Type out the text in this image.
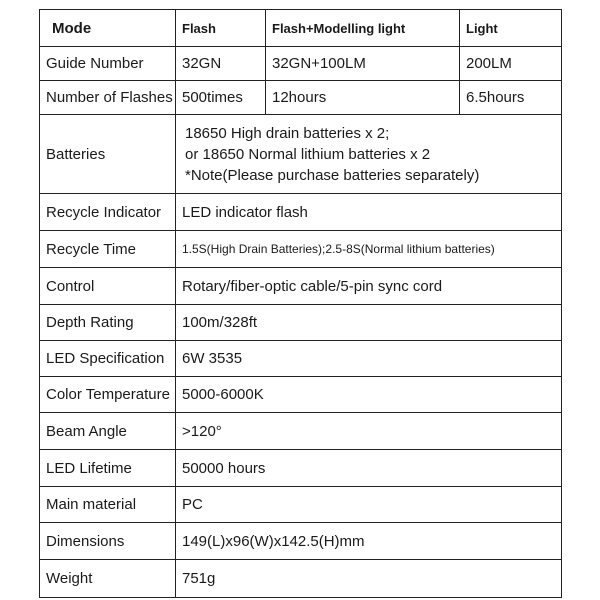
Mode	Flash	Flash+Modelling light	Light
Guide Number	32GN	32GN+100LM	200LM
Number of Flashes	500times	12hours	6.5hours
Batteries	18650 High drain batteries x 2;
or 18650 Normal lithium batteries x 2
*Note(Please purchase batteries separately)		

Recycle Indicator	LED indicator flash		
Recycle Time	1.5S(High Drain Batteries);2.5-8S(Normal lithium batteries)		
Control	Rotary/fiber-optic cable/5-pin sync cord		
Depth Rating	100m/328ft		
LED Specification	6W 3535		
Color Temperature	5000-6000K		
Beam Angle	>120°		
LED Lifetime	50000 hours		
Main material	PC		
Dimensions	149(L)x96(W)x142.5(H)mm		
Weight	751g		
